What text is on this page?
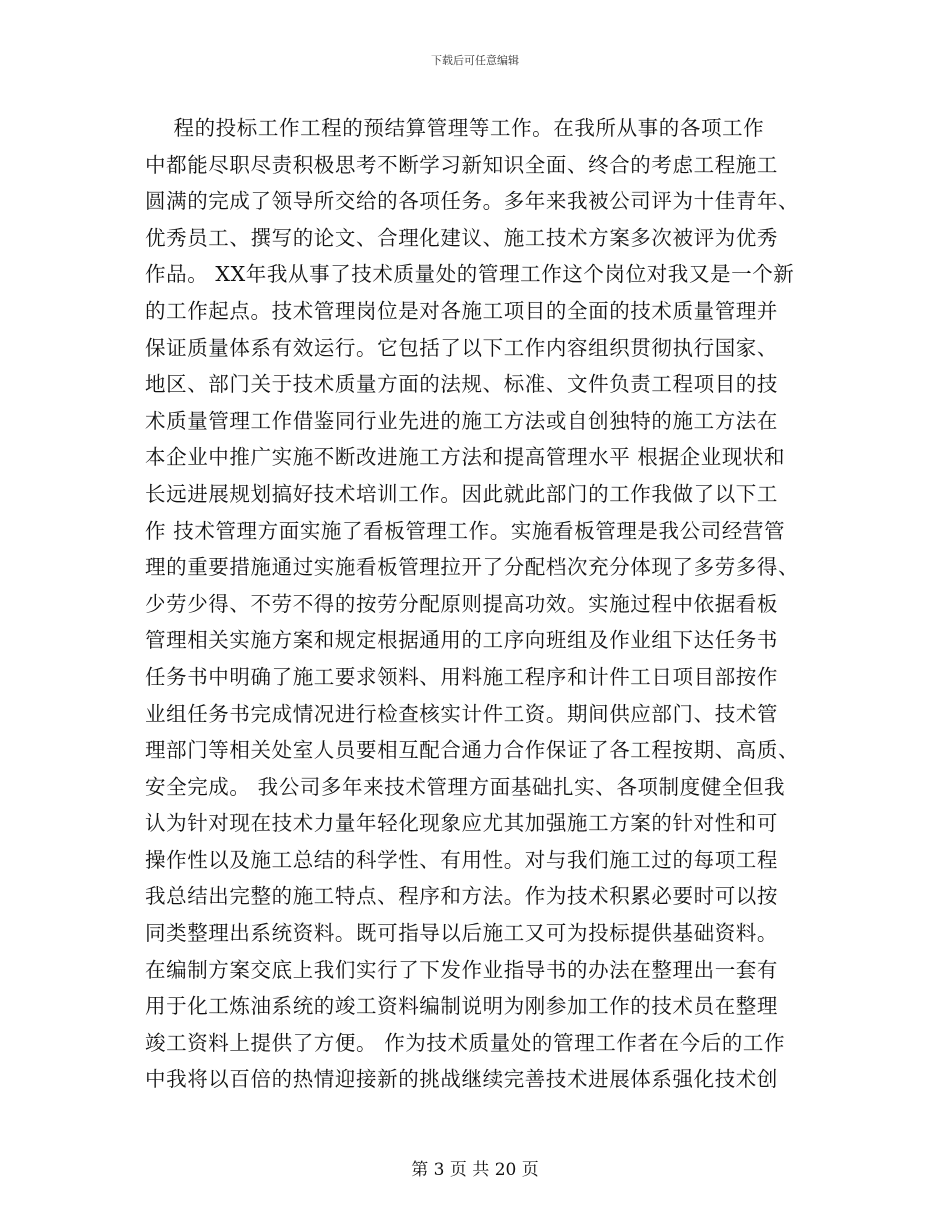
下载后可任意编辑
程的投标工作工程的预结算管理等工作。在我所从事的各项工作
中都能尽职尽责积极思考不断学习新知识全面、终合的考虑工程施工
圆满的完成了领导所交给的各项任务。多年来我被公司评为十佳青年、
优秀员工、撰写的论文、合理化建议、施工技术方案多次被评为优秀
作品。 XX年我从事了技术质量处的管理工作这个岗位对我又是一个新
的工作起点。技术管理岗位是对各施工项目的全面的技术质量管理并
保证质量体系有效运行。它包括了以下工作内容组织贯彻执行国家、
地区、部门关于技术质量方面的法规、标准、文件负责工程项目的技
术质量管理工作借鉴同行业先进的施工方法或自创独特的施工方法在
本企业中推广实施不断改进施工方法和提高管理水平 根据企业现状和
长远进展规划搞好技术培训工作。因此就此部门的工作我做了以下工
作 技术管理方面实施了看板管理工作。实施看板管理是我公司经营管
理的重要措施通过实施看板管理拉开了分配档次充分体现了多劳多得、
少劳少得、不劳不得的按劳分配原则提高功效。实施过程中依据看板
管理相关实施方案和规定根据通用的工序向班组及作业组下达任务书
任务书中明确了施工要求领料、用料施工程序和计件工日项目部按作
业组任务书完成情况进行检查核实计件工资。期间供应部门、技术管
理部门等相关处室人员要相互配合通力合作保证了各工程按期、高质、
安全完成。 我公司多年来技术管理方面基础扎实、各项制度健全但我
认为针对现在技术力量年轻化现象应尤其加强施工方案的针对性和可
操作性以及施工总结的科学性、有用性。对与我们施工过的每项工程
我总结出完整的施工特点、程序和方法。作为技术积累必要时可以按
同类整理出系统资料。既可指导以后施工又可为投标提供基础资料。
在编制方案交底上我们实行了下发作业指导书的办法在整理出一套有
用于化工炼油系统的竣工资料编制说明为刚参加工作的技术员在整理
竣工资料上提供了方便。 作为技术质量处的管理工作者在今后的工作
中我将以百倍的热情迎接新的挑战继续完善技术进展体系强化技术创
第 3 页 共 20 页
